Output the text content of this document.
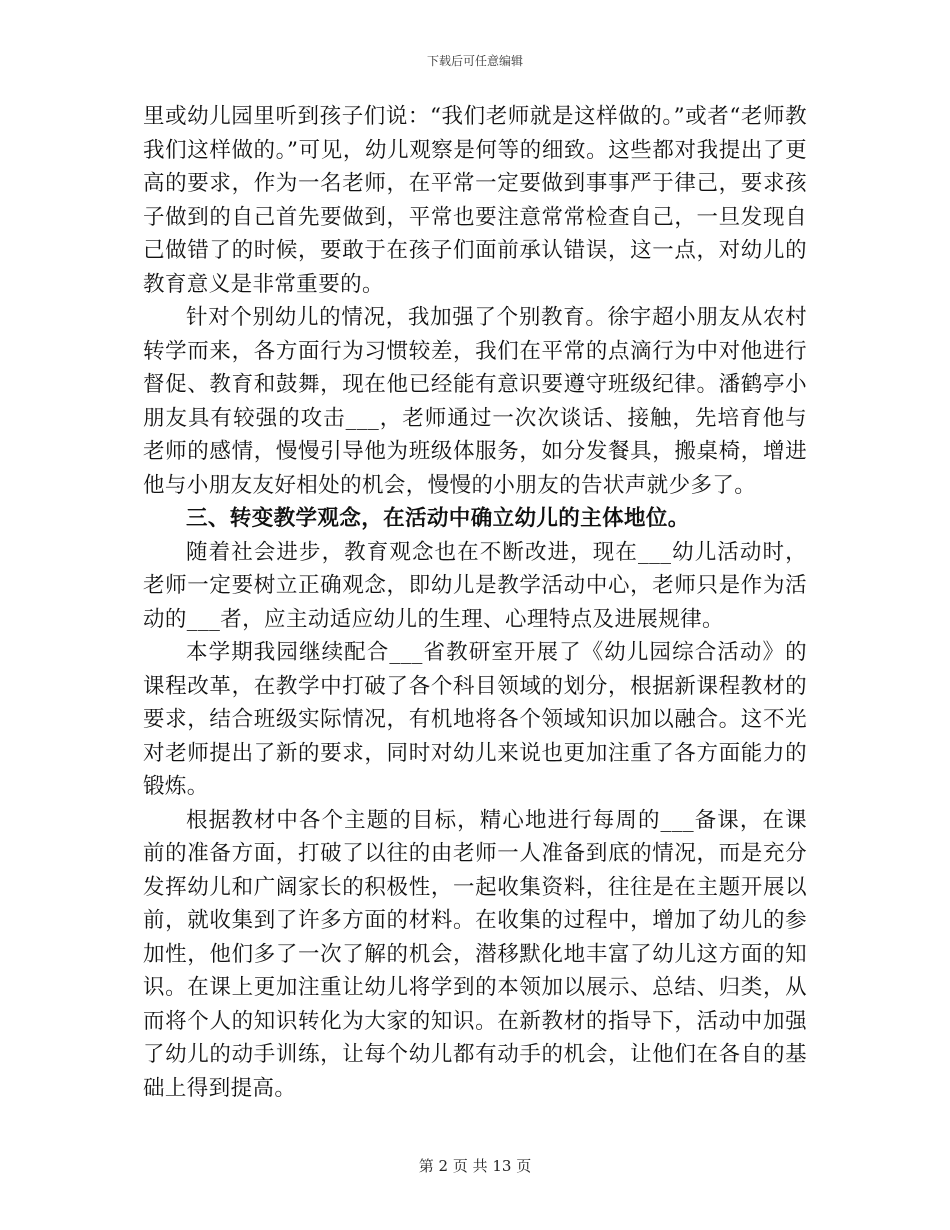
下载后可任意编辑

里或幼儿园里听到孩子们说：“我们老师就是这样做的。”或者“老师教我们这样做的。”可见，幼儿观察是何等的细致。这些都对我提出了更高的要求，作为一名老师，在平常一定要做到事事严于律己，要求孩子做到的自己首先要做到，平常也要注意常常检查自己，一旦发现自己做错了的时候，要敢于在孩子们面前承认错误，这一点，对幼儿的教育意义是非常重要的。

针对个别幼儿的情况，我加强了个别教育。徐宇超小朋友从农村转学而来，各方面行为习惯较差，我们在平常的点滴行为中对他进行督促、教育和鼓舞，现在他已经能有意识要遵守班级纪律。潘鹤亭小朋友具有较强的攻击___，老师通过一次次谈话、接触，先培育他与老师的感情，慢慢引导他为班级体服务，如分发餐具，搬桌椅，增进他与小朋友友好相处的机会，慢慢的小朋友的告状声就少多了。

三、转变教学观念，在活动中确立幼儿的主体地位。

随着社会进步，教育观念也在不断改进，现在___幼儿活动时，老师一定要树立正确观念，即幼儿是教学活动中心，老师只是作为活动的___者，应主动适应幼儿的生理、心理特点及进展规律。

本学期我园继续配合___省教研室开展了《幼儿园综合活动》的课程改革，在教学中打破了各个科目领域的划分，根据新课程教材的要求，结合班级实际情况，有机地将各个领域知识加以融合。这不光对老师提出了新的要求，同时对幼儿来说也更加注重了各方面能力的锻炼。

根据教材中各个主题的目标，精心地进行每周的___备课，在课前的准备方面，打破了以往的由老师一人准备到底的情况，而是充分发挥幼儿和广阔家长的积极性，一起收集资料，往往是在主题开展以前，就收集到了许多方面的材料。在收集的过程中，增加了幼儿的参加性，他们多了一次了解的机会，潜移默化地丰富了幼儿这方面的知识。在课上更加注重让幼儿将学到的本领加以展示、总结、归类，从而将个人的知识转化为大家的知识。在新教材的指导下，活动中加强了幼儿的动手训练，让每个幼儿都有动手的机会，让他们在各自的基础上得到提高。

第 2 页 共 13 页
